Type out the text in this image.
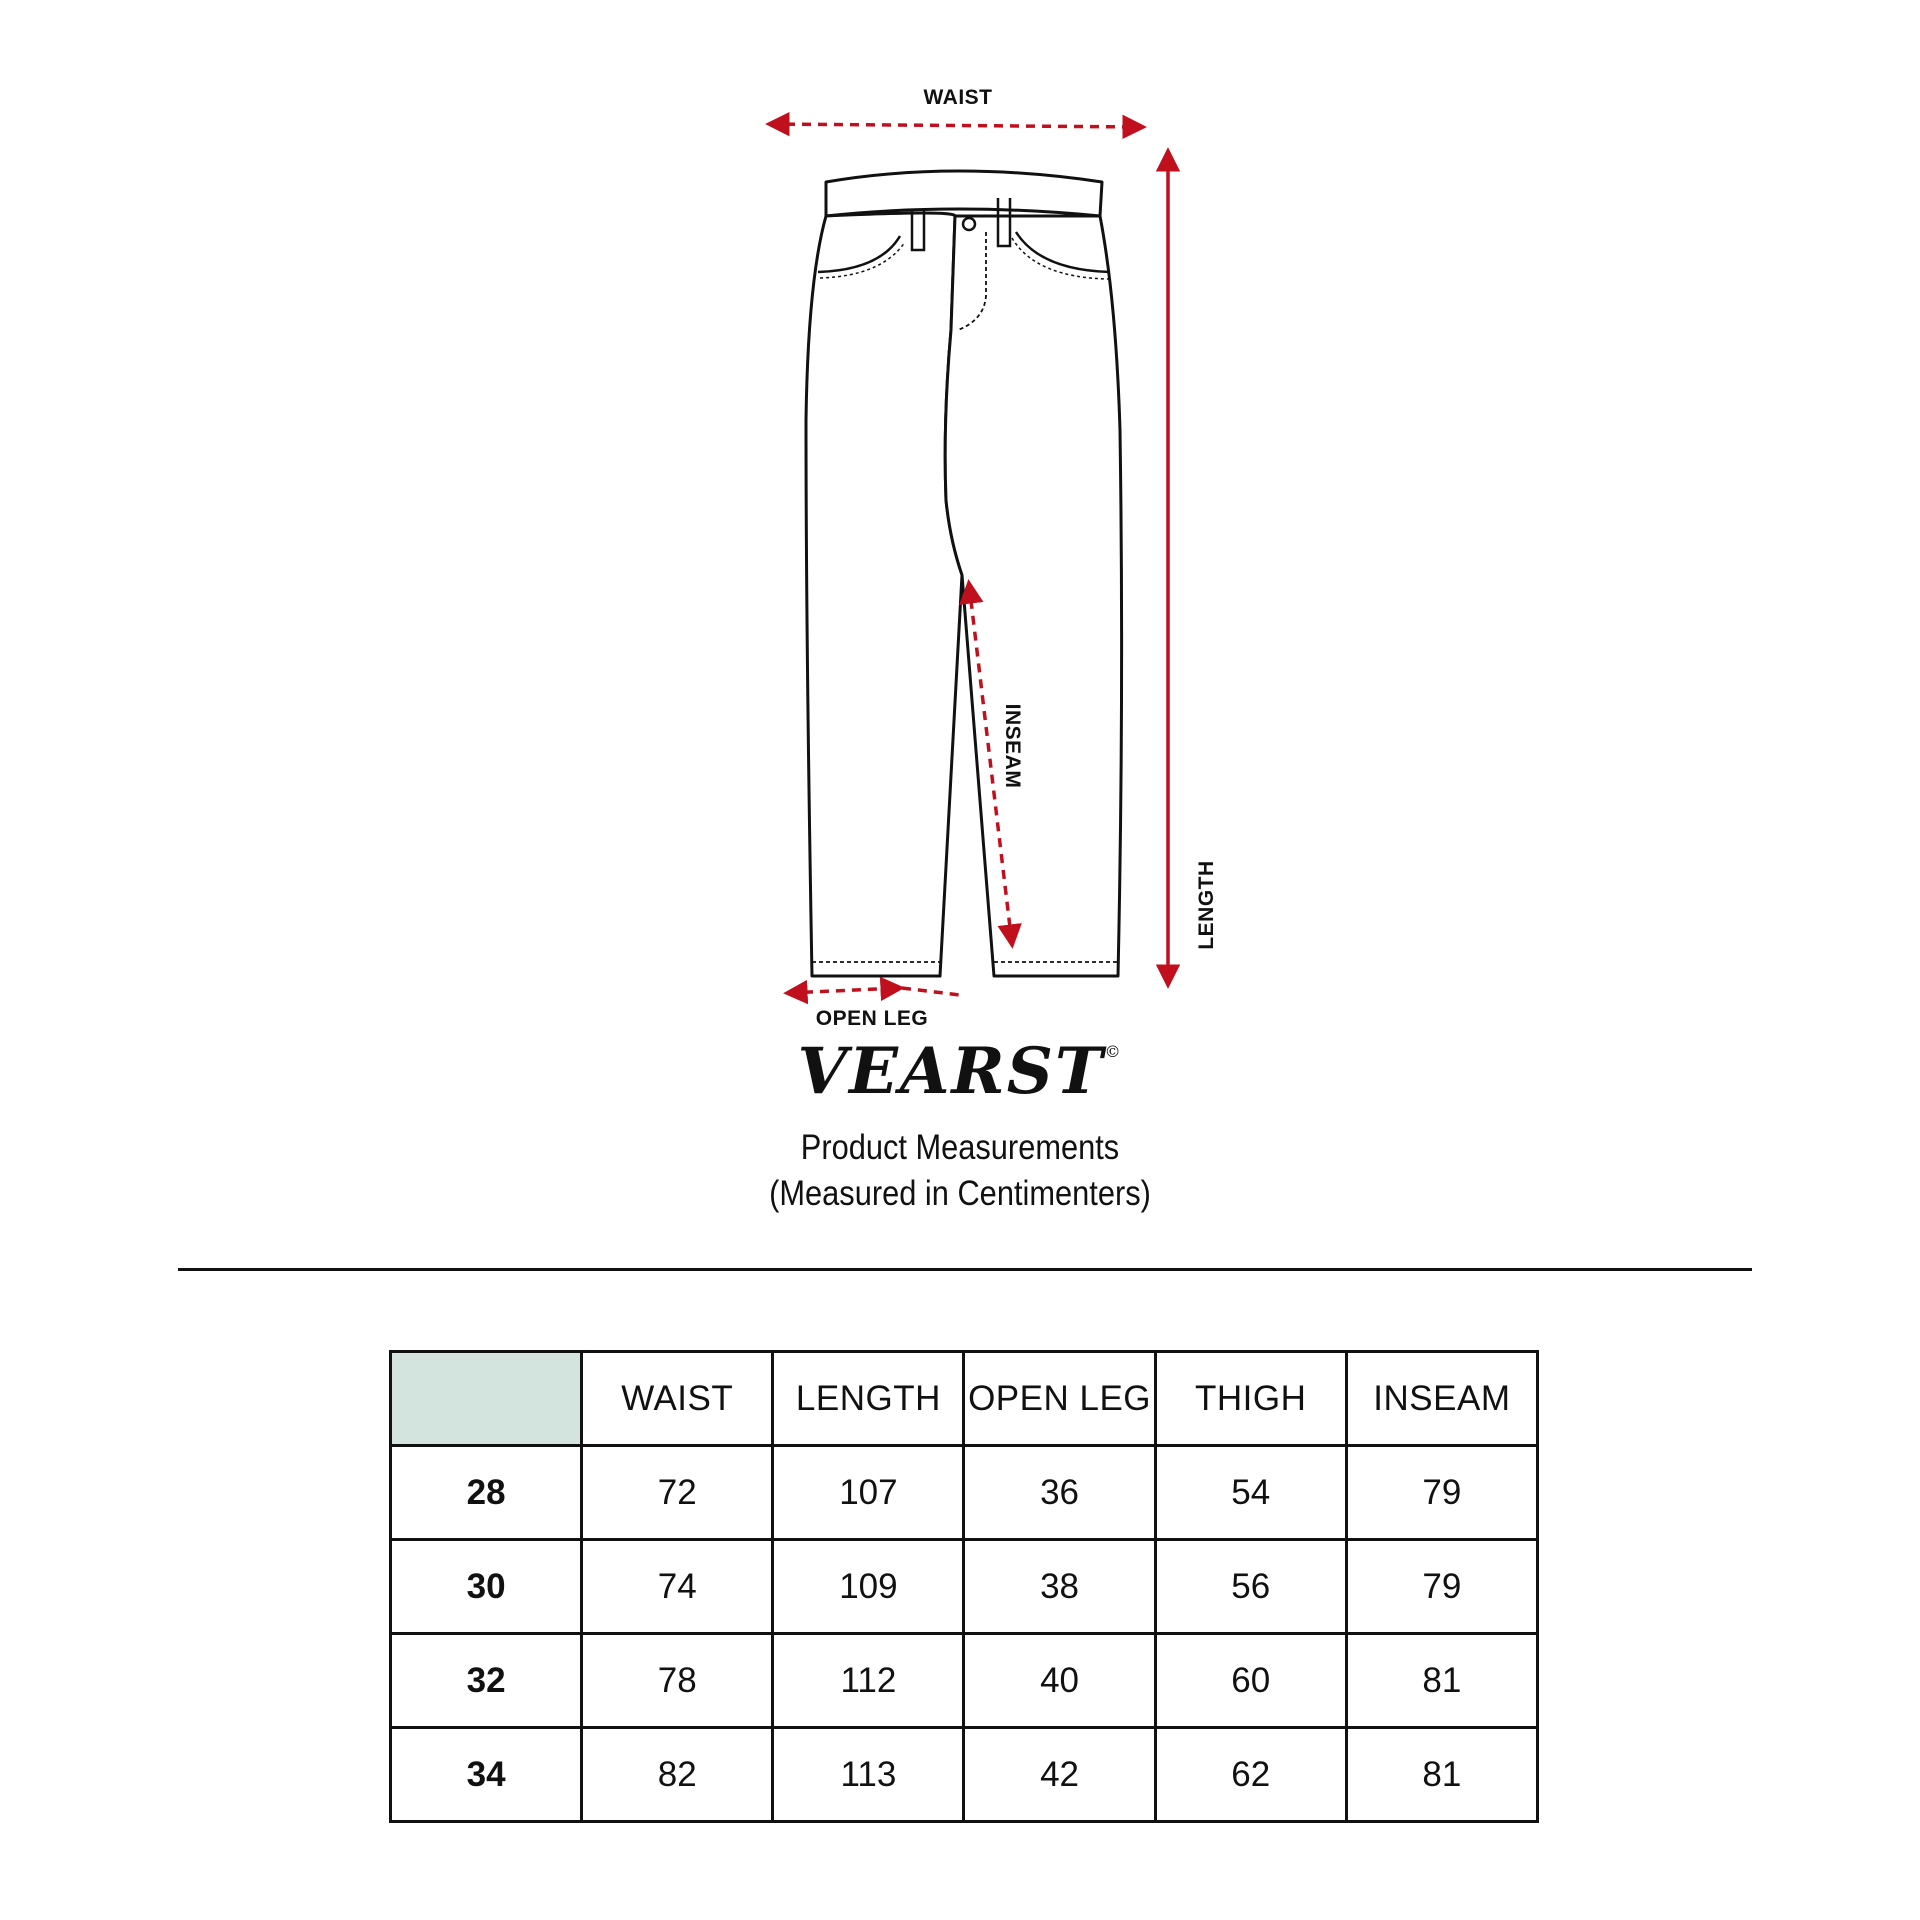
WAIST
LENGTH
INSEAM
OPEN LEG
VEARST©
Product Measurements
(Measured in Centimenters)
	WAIST	LENGTH	OPEN LEG	THIGH	INSEAM
28	72	107	36	54	79
30	74	109	38	56	79
32	78	112	40	60	81
34	82	113	42	62	81
